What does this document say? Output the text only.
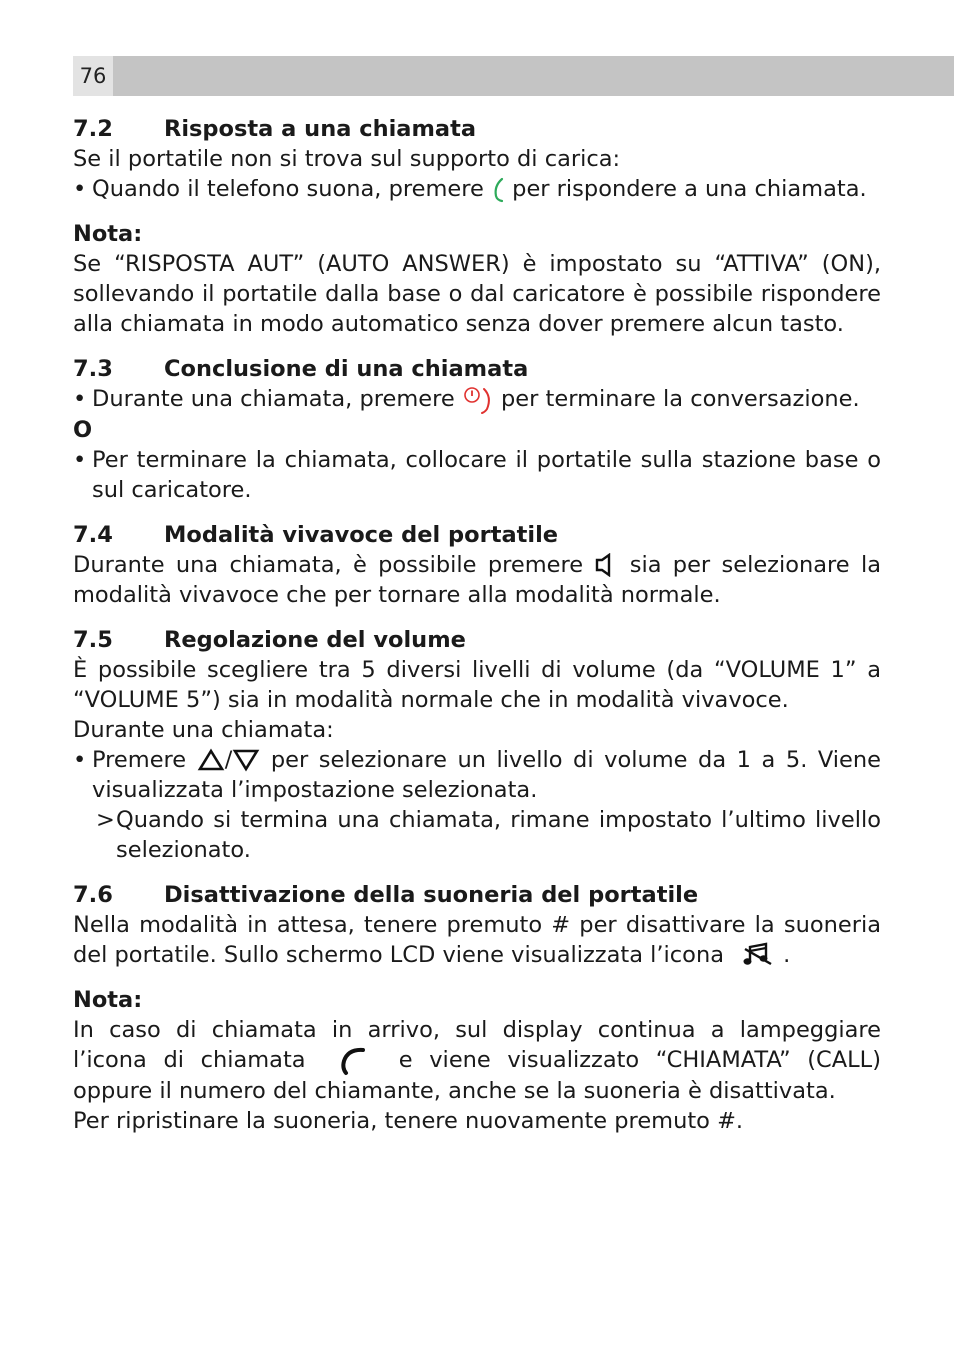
76
7.2	Risposta a una chiamata

Se il portatile non si trova sul supporto di carica:

• Quando il telefono suona, premere per rispondere a una chiamata.

Nota:

Se “RISPOSTA AUT” (AUTO ANSWER) è impostato su “ATTIVA” (ON), sollevando il portatile dalla base o dal caricatore è possibile rispondere alla chiamata in modo automatico senza dover premere alcun tasto.

7.3	Conclusione di una chiamata
• Durante una chiamata, premere per terminare la conversazione.

O

• Per terminare la chiamata, collocare il portatile sulla stazione base o sul caricatore.
7.4	Modalità vivavoce del portatile

Durante una chiamata, è possibile premere sia per selezionare la modalità vivavoce che per tornare alla modalità normale.

7.5	Regolazione del volume

È possibile scegliere tra 5 diversi livelli di volume (da “VOLUME 1” a “VOLUME 5”) sia in modalità normale che in modalità vivavoce.

Durante una chiamata:

• Premere / per selezionare un livello di volume da 1 a 5. Viene visualizzata l’impostazione selezionata.
> Quando si termina una chiamata, rimane impostato l’ultimo livello selezionato.
7.6	Disattivazione della suoneria del portatile

Nella modalità in attesa, tenere premuto # per disattivare la suoneria del portatile. Sullo schermo LCD viene visualizzata l’icona	.

Nota:

In caso di chiamata in arrivo, sul display continua a lampeggiare l’icona di chiamata	e viene visualizzato “CHIAMATA” (CALL) oppure il numero del chiamante, anche se la suoneria è disattivata.

Per ripristinare la suoneria, tenere nuovamente premuto #.
